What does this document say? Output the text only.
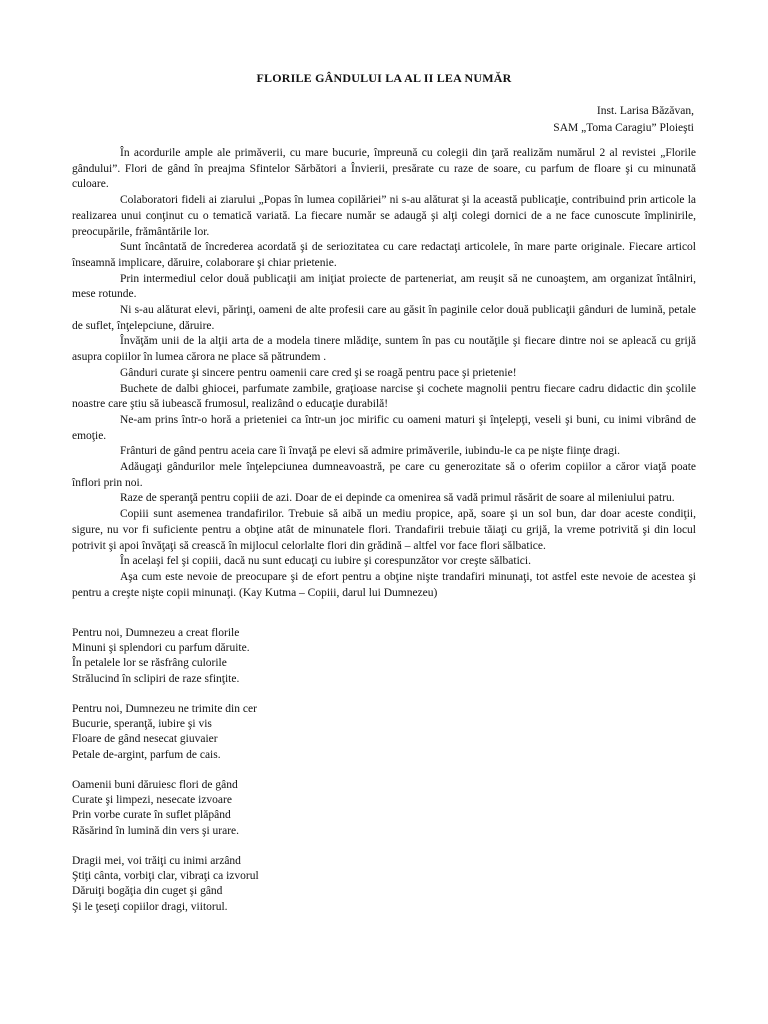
FLORILE GÂNDULUI LA AL II LEA NUMĂR
Inst. Larisa Băzăvan,
SAM „Toma Caragiu” Ploieşti

În acordurile ample ale primăverii, cu mare bucurie, împreună cu colegii din ţară realizăm numărul 2 al revistei „Florile gândului”. Flori de gând în preajma Sfintelor Sărbători a Învierii, presărate cu raze de soare, cu parfum de floare şi cu minunată culoare.

Colaboratori fideli ai ziarului „Popas în lumea copilăriei” ni s-au alăturat şi la această publicaţie, contribuind prin articole la realizarea unui conţinut cu o tematică variată. La fiecare număr se adaugă şi alţi colegi dornici de a ne face cunoscute împlinirile, preocupările, frământările lor.

Sunt încântată de încrederea acordată şi de seriozitatea cu care redactaţi articolele, în mare parte originale. Fiecare articol înseamnă implicare, dăruire, colaborare şi chiar prietenie.

Prin intermediul celor două publicaţii am iniţiat proiecte de parteneriat, am reuşit să ne cunoaştem, am organizat întâlniri, mese rotunde.

Ni s-au alăturat elevi, părinţi, oameni de alte profesii care au găsit în paginile celor două publicaţii gânduri de lumină, petale de suflet, înţelepciune, dăruire.

Învăţăm unii de la alţii arta de a modela tinere mlădiţe, suntem în pas cu noutăţile şi fiecare dintre noi se apleacă cu grijă asupra copiilor în lumea cărora ne place să pătrundem .

Gânduri curate şi sincere pentru oamenii care cred şi se roagă pentru pace şi prietenie!

Buchete de dalbi ghiocei, parfumate zambile, graţioase narcise şi cochete magnolii pentru fiecare cadru didactic din şcolile noastre care ştiu să iubească frumosul, realizând o educaţie durabilă!

Ne-am prins într-o horă a prieteniei ca într-un joc mirific cu oameni maturi şi înţelepţi, veseli şi buni, cu inimi vibrând de emoţie.

Frânturi de gând pentru aceia care îi învaţă pe elevi să admire primăverile, iubindu-le ca pe nişte fiinţe dragi.

Adăugaţi gândurilor mele înţelepciunea dumneavoastră, pe care cu generozitate să o oferim copiilor a căror viaţă poate înflori prin noi.

Raze de speranţă pentru copiii de azi. Doar de ei depinde ca omenirea să vadă primul răsărit de soare al mileniului patru.

Copiii sunt asemenea trandafirilor. Trebuie să aibă un mediu propice, apă, soare şi un sol bun, dar doar aceste condiţii, sigure, nu vor fi suficiente pentru a obţine atât de minunatele flori. Trandafirii trebuie tăiaţi cu grijă, la vreme potrivită şi din locul potrivit şi apoi învăţaţi să crească în mijlocul celorlalte flori din grădină – altfel vor face flori sălbatice.

În acelaşi fel şi copiii, dacă nu sunt educaţi cu iubire şi corespunzător vor creşte sălbatici.

Aşa cum este nevoie de preocupare şi de efort pentru a obţine nişte trandafiri minunaţi, tot astfel este nevoie de acestea şi pentru a creşte nişte copii minunaţi. (Kay Kutma – Copiii, darul lui Dumnezeu)

Pentru noi, Dumnezeu a creat florile
Minuni şi splendori cu parfum dăruite.
În petalele lor se răsfrâng culorile
Strălucind în sclipiri de raze sfinţite.
Pentru noi, Dumnezeu ne trimite din cer
Bucurie, speranţă, iubire şi vis
Floare de gând nesecat giuvaier
Petale de-argint, parfum de cais.
Oamenii buni dăruiesc flori de gând
Curate şi limpezi, nesecate izvoare
Prin vorbe curate în suflet plăpând
Răsărind în lumină din vers şi urare.
Dragii mei, voi trăiţi cu inimi arzând
Ştiţi cânta, vorbiţi clar, vibraţi ca izvorul
Dăruiţi bogăţia din cuget şi gând
Şi le ţeseţi copiilor dragi, viitorul.
